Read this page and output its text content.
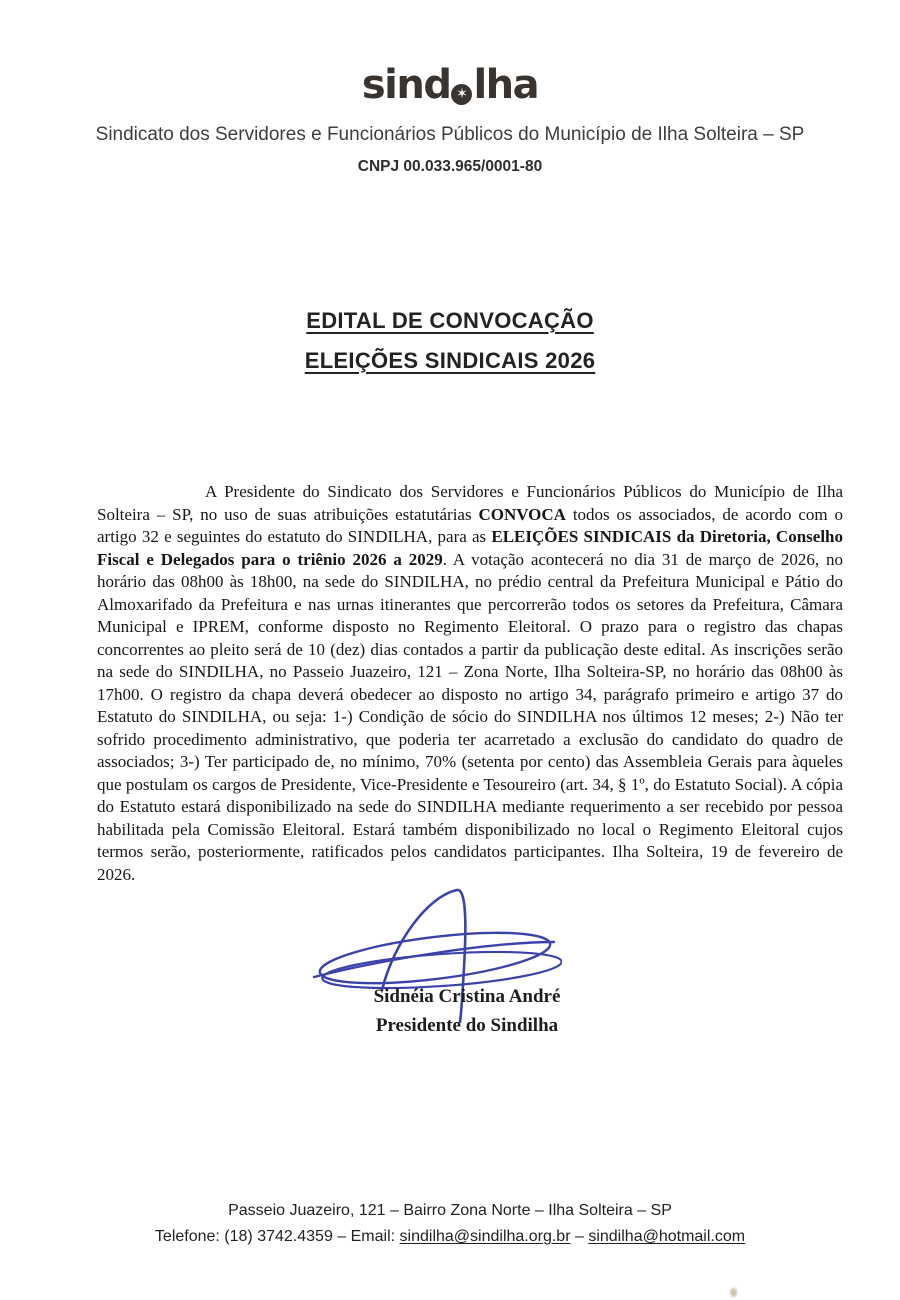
sind ✶ lha
Sindicato dos Servidores e Funcionários Públicos do Município de Ilha Solteira – SP
CNPJ 00.033.965/0001-80
EDITAL DE CONVOCAÇÃO
ELEIÇÕES SINDICAIS 2026

A Presidente do Sindicato dos Servidores e Funcionários Públicos do Município de Ilha Solteira – SP, no uso de suas atribuições estatutárias CONVOCA todos os associados, de acordo com o artigo 32 e seguintes do estatuto do SINDILHA, para as ELEIÇÕES SINDICAIS da Diretoria, Conselho Fiscal e Delegados para o triênio 2026 a 2029. A votação acontecerá no dia 31 de março de 2026, no horário das 08h00 às 18h00, na sede do SINDILHA, no prédio central da Prefeitura Municipal e Pátio do Almoxarifado da Prefeitura e nas urnas itinerantes que percorrerão todos os setores da Prefeitura, Câmara Municipal e IPREM, conforme disposto no Regimento Eleitoral. O prazo para o registro das chapas concorrentes ao pleito será de 10 (dez) dias contados a partir da publicação deste edital. As inscrições serão na sede do SINDILHA, no Passeio Juazeiro, 121 – Zona Norte, Ilha Solteira-SP, no horário das 08h00 às 17h00. O registro da chapa deverá obedecer ao disposto no artigo 34, parágrafo primeiro e artigo 37 do Estatuto do SINDILHA, ou seja: 1-) Condição de sócio do SINDILHA nos últimos 12 meses; 2-) Não ter sofrido procedimento administrativo, que poderia ter acarretado a exclusão do candidato do quadro de associados; 3-) Ter participado de, no mínimo, 70% (setenta por cento) das Assembleia Gerais para àqueles que postulam os cargos de Presidente, Vice-Presidente e Tesoureiro (art. 34, § 1º, do Estatuto Social). A cópia do Estatuto estará disponibilizado na sede do SINDILHA mediante requerimento a ser recebido por pessoa habilitada pela Comissão Eleitoral. Estará também disponibilizado no local o Regimento Eleitoral cujos termos serão, posteriormente, ratificados pelos candidatos participantes. Ilha Solteira, 19 de fevereiro de 2026.

Sidnéia Cristina André
Presidente do Sindilha
Passeio Juazeiro, 121 – Bairro Zona Norte – Ilha Solteira – SP
Telefone: (18) 3742.4359 – Email: sindilha@sindilha.org.br – sindilha@hotmail.com
